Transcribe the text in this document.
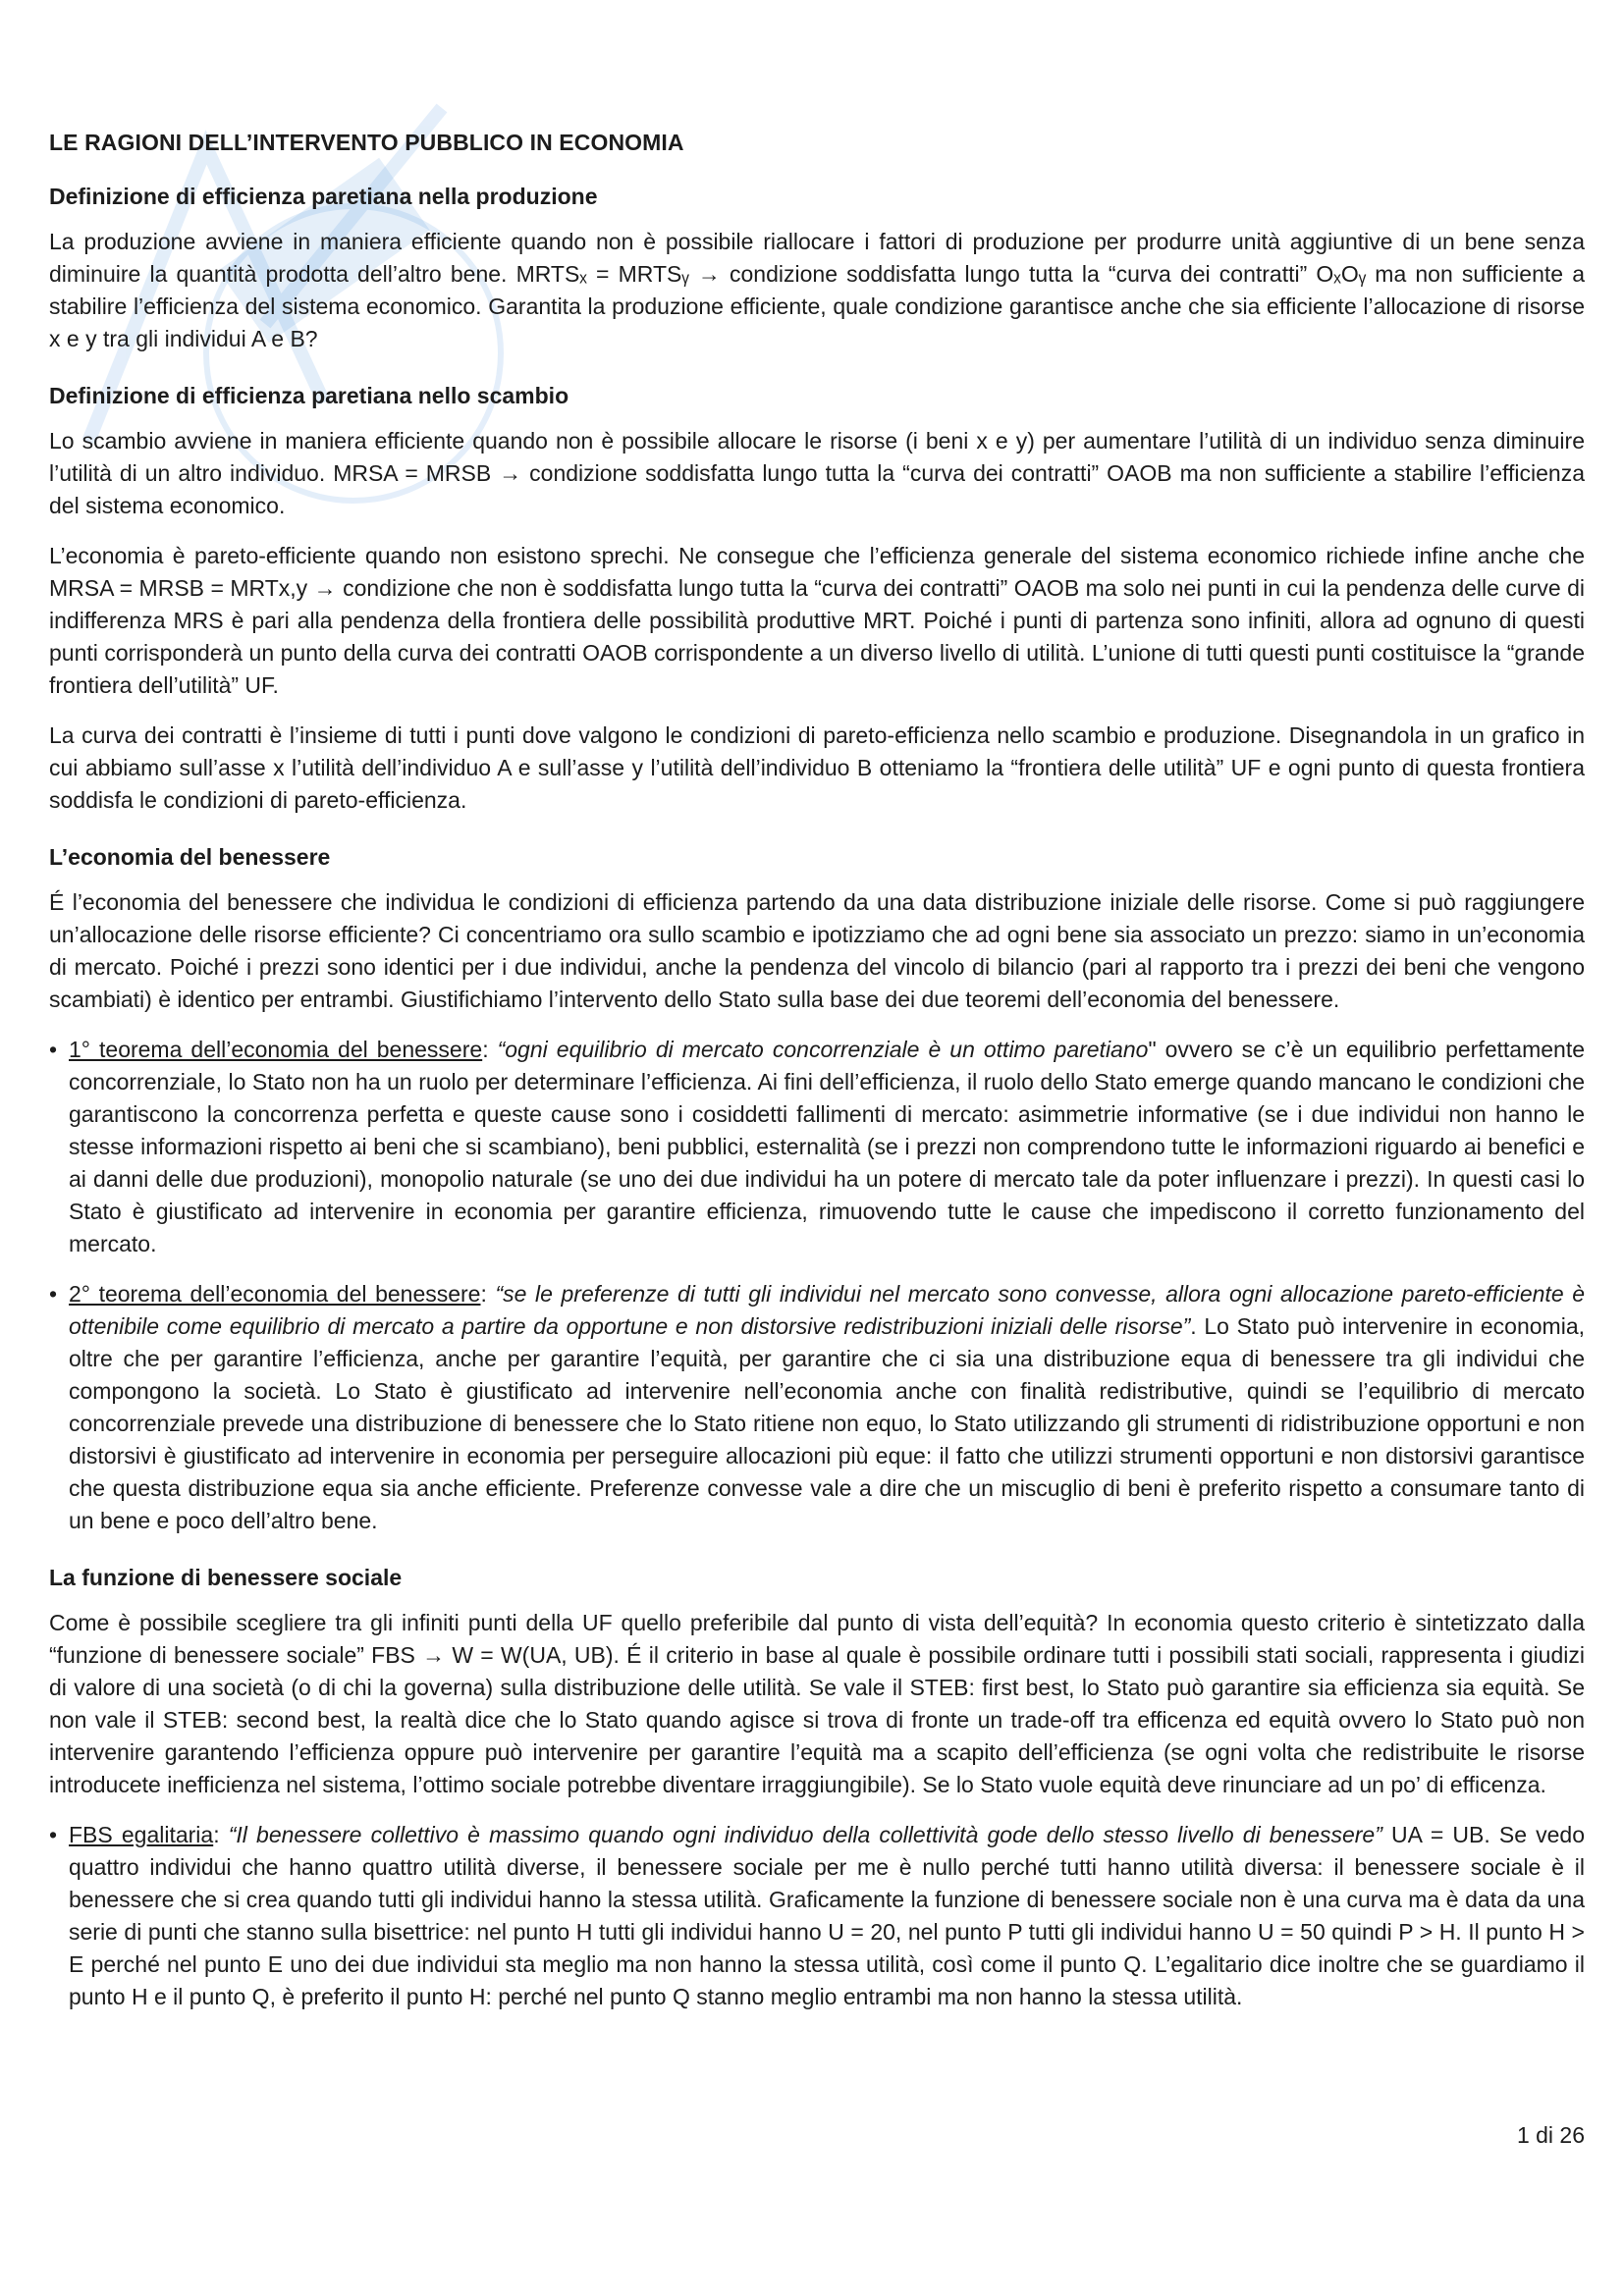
LE RAGIONI DELL’INTERVENTO PUBBLICO IN ECONOMIA
Definizione di efficienza paretiana nella produzione

La produzione avviene in maniera efficiente quando non è possibile riallocare i fattori di produzione per produrre unità aggiuntive di un bene senza diminuire la quantità prodotta dell’altro bene. MRTSₓ = MRTSᵧ → condizione soddisfatta lungo tutta la “curva dei contratti” OₓOᵧ ma non sufficiente a stabilire l’efficienza del sistema economico. Garantita la produzione efficiente, quale condizione garantisce anche che sia efficiente l’allocazione di risorse x e y tra gli individui A e B?

Definizione di efficienza paretiana nello scambio

Lo scambio avviene in maniera efficiente quando non è possibile allocare le risorse (i beni x e y) per aumentare l’utilità di un individuo senza diminuire l’utilità di un altro individuo. MRSA = MRSB → condizione soddisfatta lungo tutta la “curva dei contratti” OAOB ma non sufficiente a stabilire l’efficienza del sistema economico.

L’economia è pareto-efficiente quando non esistono sprechi. Ne consegue che l’efficienza generale del sistema economico richiede infine anche che MRSA = MRSB = MRTx,y → condizione che non è soddisfatta lungo tutta la “curva dei contratti” OAOB ma solo nei punti in cui la pendenza delle curve di indifferenza MRS è pari alla pendenza della frontiera delle possibilità produttive MRT. Poiché i punti di partenza sono infiniti, allora ad ognuno di questi punti corrisponderà un punto della curva dei contratti OAOB corrispondente a un diverso livello di utilità. L’unione di tutti questi punti costituisce la “grande frontiera dell’utilità” UF.

La curva dei contratti è l’insieme di tutti i punti dove valgono le condizioni di pareto-efficienza nello scambio e produzione. Disegnandola in un grafico in cui abbiamo sull’asse x l’utilità dell’individuo A e sull’asse y l’utilità dell’individuo B otteniamo la “frontiera delle utilità” UF e ogni punto di questa frontiera soddisfa le condizioni di pareto-efficienza.

L’economia del benessere

É l’economia del benessere che individua le condizioni di efficienza partendo da una data distribuzione iniziale delle risorse. Come si può raggiungere un’allocazione delle risorse efficiente? Ci concentriamo ora sullo scambio e ipotizziamo che ad ogni bene sia associato un prezzo: siamo in un’economia di mercato. Poiché i prezzi sono identici per i due individui, anche la pendenza del vincolo di bilancio (pari al rapporto tra i prezzi dei beni che vengono scambiati) è identico per entrambi. Giustifichiamo l’intervento dello Stato sulla base dei due teoremi dell’economia del benessere.

• 1° teorema dell’economia del benessere: “ogni equilibrio di mercato concorrenziale è un ottimo paretiano" ovvero se c’è un equilibrio perfettamente concorrenziale, lo Stato non ha un ruolo per determinare l’efficienza. Ai fini dell’efficienza, il ruolo dello Stato emerge quando mancano le condizioni che garantiscono la concorrenza perfetta e queste cause sono i cosiddetti fallimenti di mercato: asimmetrie informative (se i due individui non hanno le stesse informazioni rispetto ai beni che si scambiano), beni pubblici, esternalità (se i prezzi non comprendono tutte le informazioni riguardo ai benefici e ai danni delle due produzioni), monopolio naturale (se uno dei due individui ha un potere di mercato tale da poter influenzare i prezzi). In questi casi lo Stato è giustificato ad intervenire in economia per garantire efficienza, rimuovendo tutte le cause che impediscono il corretto funzionamento del mercato.
• 2° teorema dell’economia del benessere: “se le preferenze di tutti gli individui nel mercato sono convesse, allora ogni allocazione pareto-efficiente è ottenibile come equilibrio di mercato a partire da opportune e non distorsive redistribuzioni iniziali delle risorse”. Lo Stato può intervenire in economia, oltre che per garantire l’efficienza, anche per garantire l’equità, per garantire che ci sia una distribuzione equa di benessere tra gli individui che compongono la società. Lo Stato è giustificato ad intervenire nell’economia anche con finalità redistributive, quindi se l’equilibrio di mercato concorrenziale prevede una distribuzione di benessere che lo Stato ritiene non equo, lo Stato utilizzando gli strumenti di ridistribuzione opportuni e non distorsivi è giustificato ad intervenire in economia per perseguire allocazioni più eque: il fatto che utilizzi strumenti opportuni e non distorsivi garantisce che questa distribuzione equa sia anche efficiente. Preferenze convesse vale a dire che un miscuglio di beni è preferito rispetto a consumare tanto di un bene e poco dell’altro bene.
La funzione di benessere sociale

Come è possibile scegliere tra gli infiniti punti della UF quello preferibile dal punto di vista dell’equità? In economia questo criterio è sintetizzato dalla “funzione di benessere sociale” FBS → W = W(UA, UB). É il criterio in base al quale è possibile ordinare tutti i possibili stati sociali, rappresenta i giudizi di valore di una società (o di chi la governa) sulla distribuzione delle utilità. Se vale il STEB: first best, lo Stato può garantire sia efficienza sia equità. Se non vale il STEB: second best, la realtà dice che lo Stato quando agisce si trova di fronte un trade-off tra efficenza ed equità ovvero lo Stato può non intervenire garantendo l’efficienza oppure può intervenire per garantire l’equità ma a scapito dell’efficienza (se ogni volta che redistribuite le risorse introducete inefficienza nel sistema, l’ottimo sociale potrebbe diventare irraggiungibile). Se lo Stato vuole equità deve rinunciare ad un po’ di efficenza.

• FBS egalitaria: “Il benessere collettivo è massimo quando ogni individuo della collettività gode dello stesso livello di benessere” UA = UB. Se vedo quattro individui che hanno quattro utilità diverse, il benessere sociale per me è nullo perché tutti hanno utilità diversa: il benessere sociale è il benessere che si crea quando tutti gli individui hanno la stessa utilità. Graficamente la funzione di benessere sociale non è una curva ma è data da una serie di punti che stanno sulla bisettrice: nel punto H tutti gli individui hanno U = 20, nel punto P tutti gli individui hanno U = 50 quindi P > H. Il punto H > E perché nel punto E uno dei due individui sta meglio ma non hanno la stessa utilità, così come il punto Q. L’egalitario dice inoltre che se guardiamo il punto H e il punto Q, è preferito il punto H: perché nel punto Q stanno meglio entrambi ma non hanno la stessa utilità.
1 di 26
